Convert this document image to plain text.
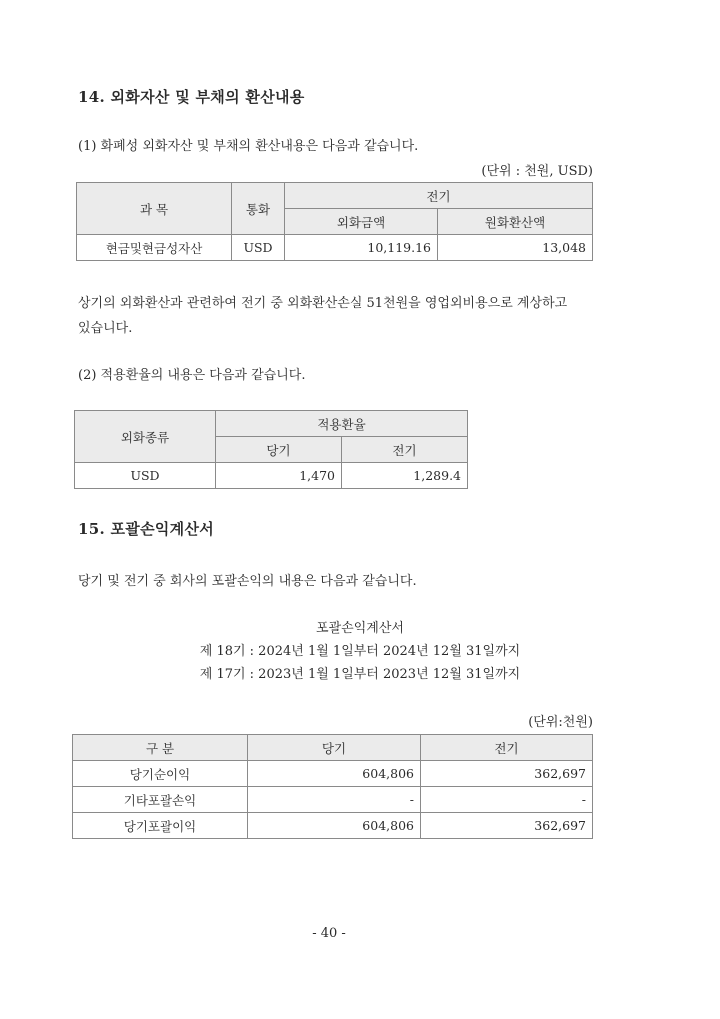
14. 외화자산 및 부채의 환산내용
(1) 화폐성 외화자산 및 부채의 환산내용은 다음과 같습니다.
(단위 : 천원, USD)
과 목	통화	전기	
		외화금액	원화환산액
현금및현금성자산	USD	10,119.16	13,048
상기의 외화환산과 관련하여 전기 중 외화환산손실 51천원을 영업외비용으로 계상하고
있습니다.
(2) 적용환율의 내용은 다음과 같습니다.
외화종류	적용환율	
	당기	전기
USD	1,470	1,289.4
15. 포괄손익계산서
당기 및 전기 중 회사의 포괄손익의 내용은 다음과 같습니다.
포괄손익계산서
제 18기 : 2024년 1월 1일부터 2024년 12월 31일까지
제 17기 : 2023년 1월 1일부터 2023년 12월 31일까지
(단위:천원)
구 분	당기	전기
당기순이익	604,806	362,697
기타포괄손익	-	-
당기포괄이익	604,806	362,697
- 40 -
